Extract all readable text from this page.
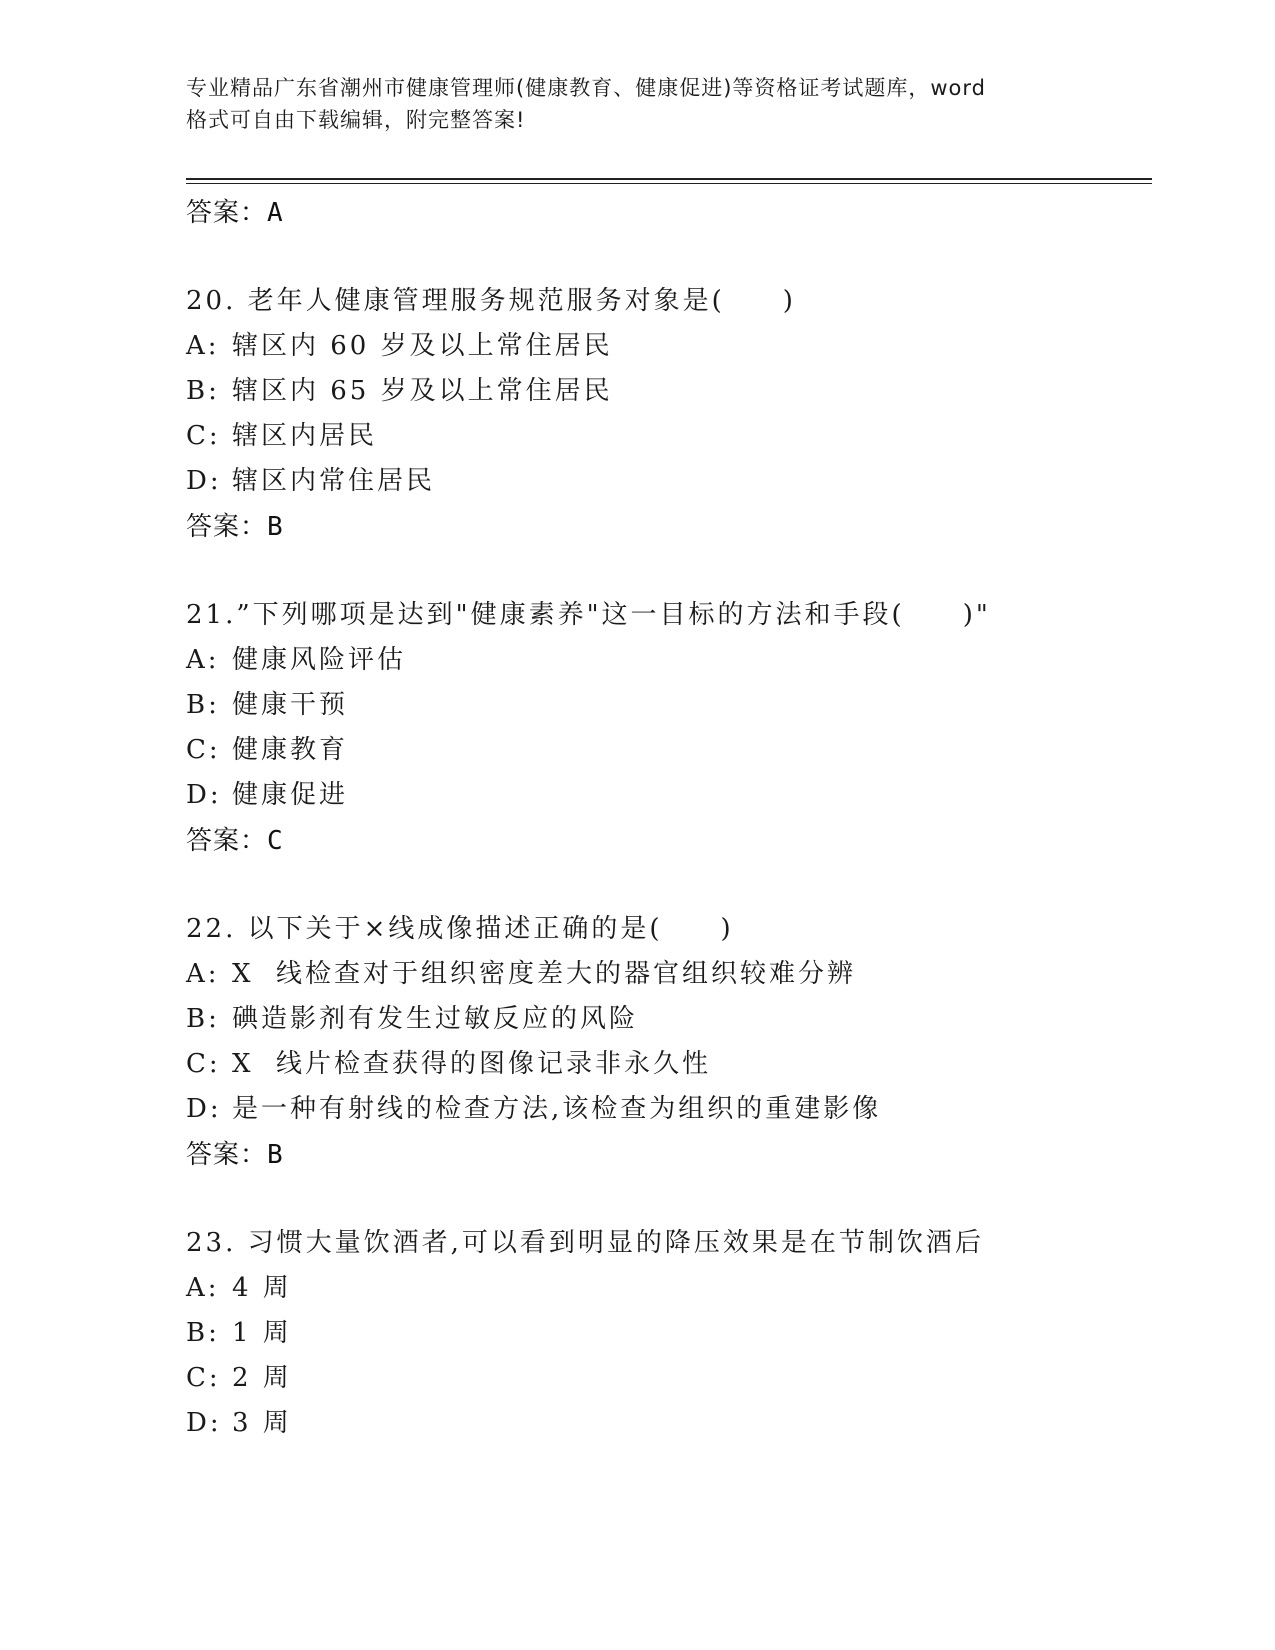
专业精品广东省潮州市健康管理师(健康教育、健康促进)等资格证考试题库，word
格式可自由下载编辑，附完整答案!
答案：A
20. 老年人健康管理服务规范服务对象是(　　)
A: 辖区内 60 岁及以上常住居民
B: 辖区内 65 岁及以上常住居民
C: 辖区内居民
D: 辖区内常住居民
答案：B
21.”下列哪项是达到"健康素养"这一目标的方法和手段(　　)"
A: 健康风险评估
B: 健康干预
C: 健康教育
D: 健康促进
答案：C
22. 以下关于×线成像描述正确的是(　　)
A: X  线检查对于组织密度差大的器官组织较难分辨
B: 碘造影剂有发生过敏反应的风险
C: X  线片检查获得的图像记录非永久性
D: 是一种有射线的检查方法,该检查为组织的重建影像
答案：B
23. 习惯大量饮酒者,可以看到明显的降压效果是在节制饮酒后
A: 4 周
B: 1 周
C: 2 周
D: 3 周
